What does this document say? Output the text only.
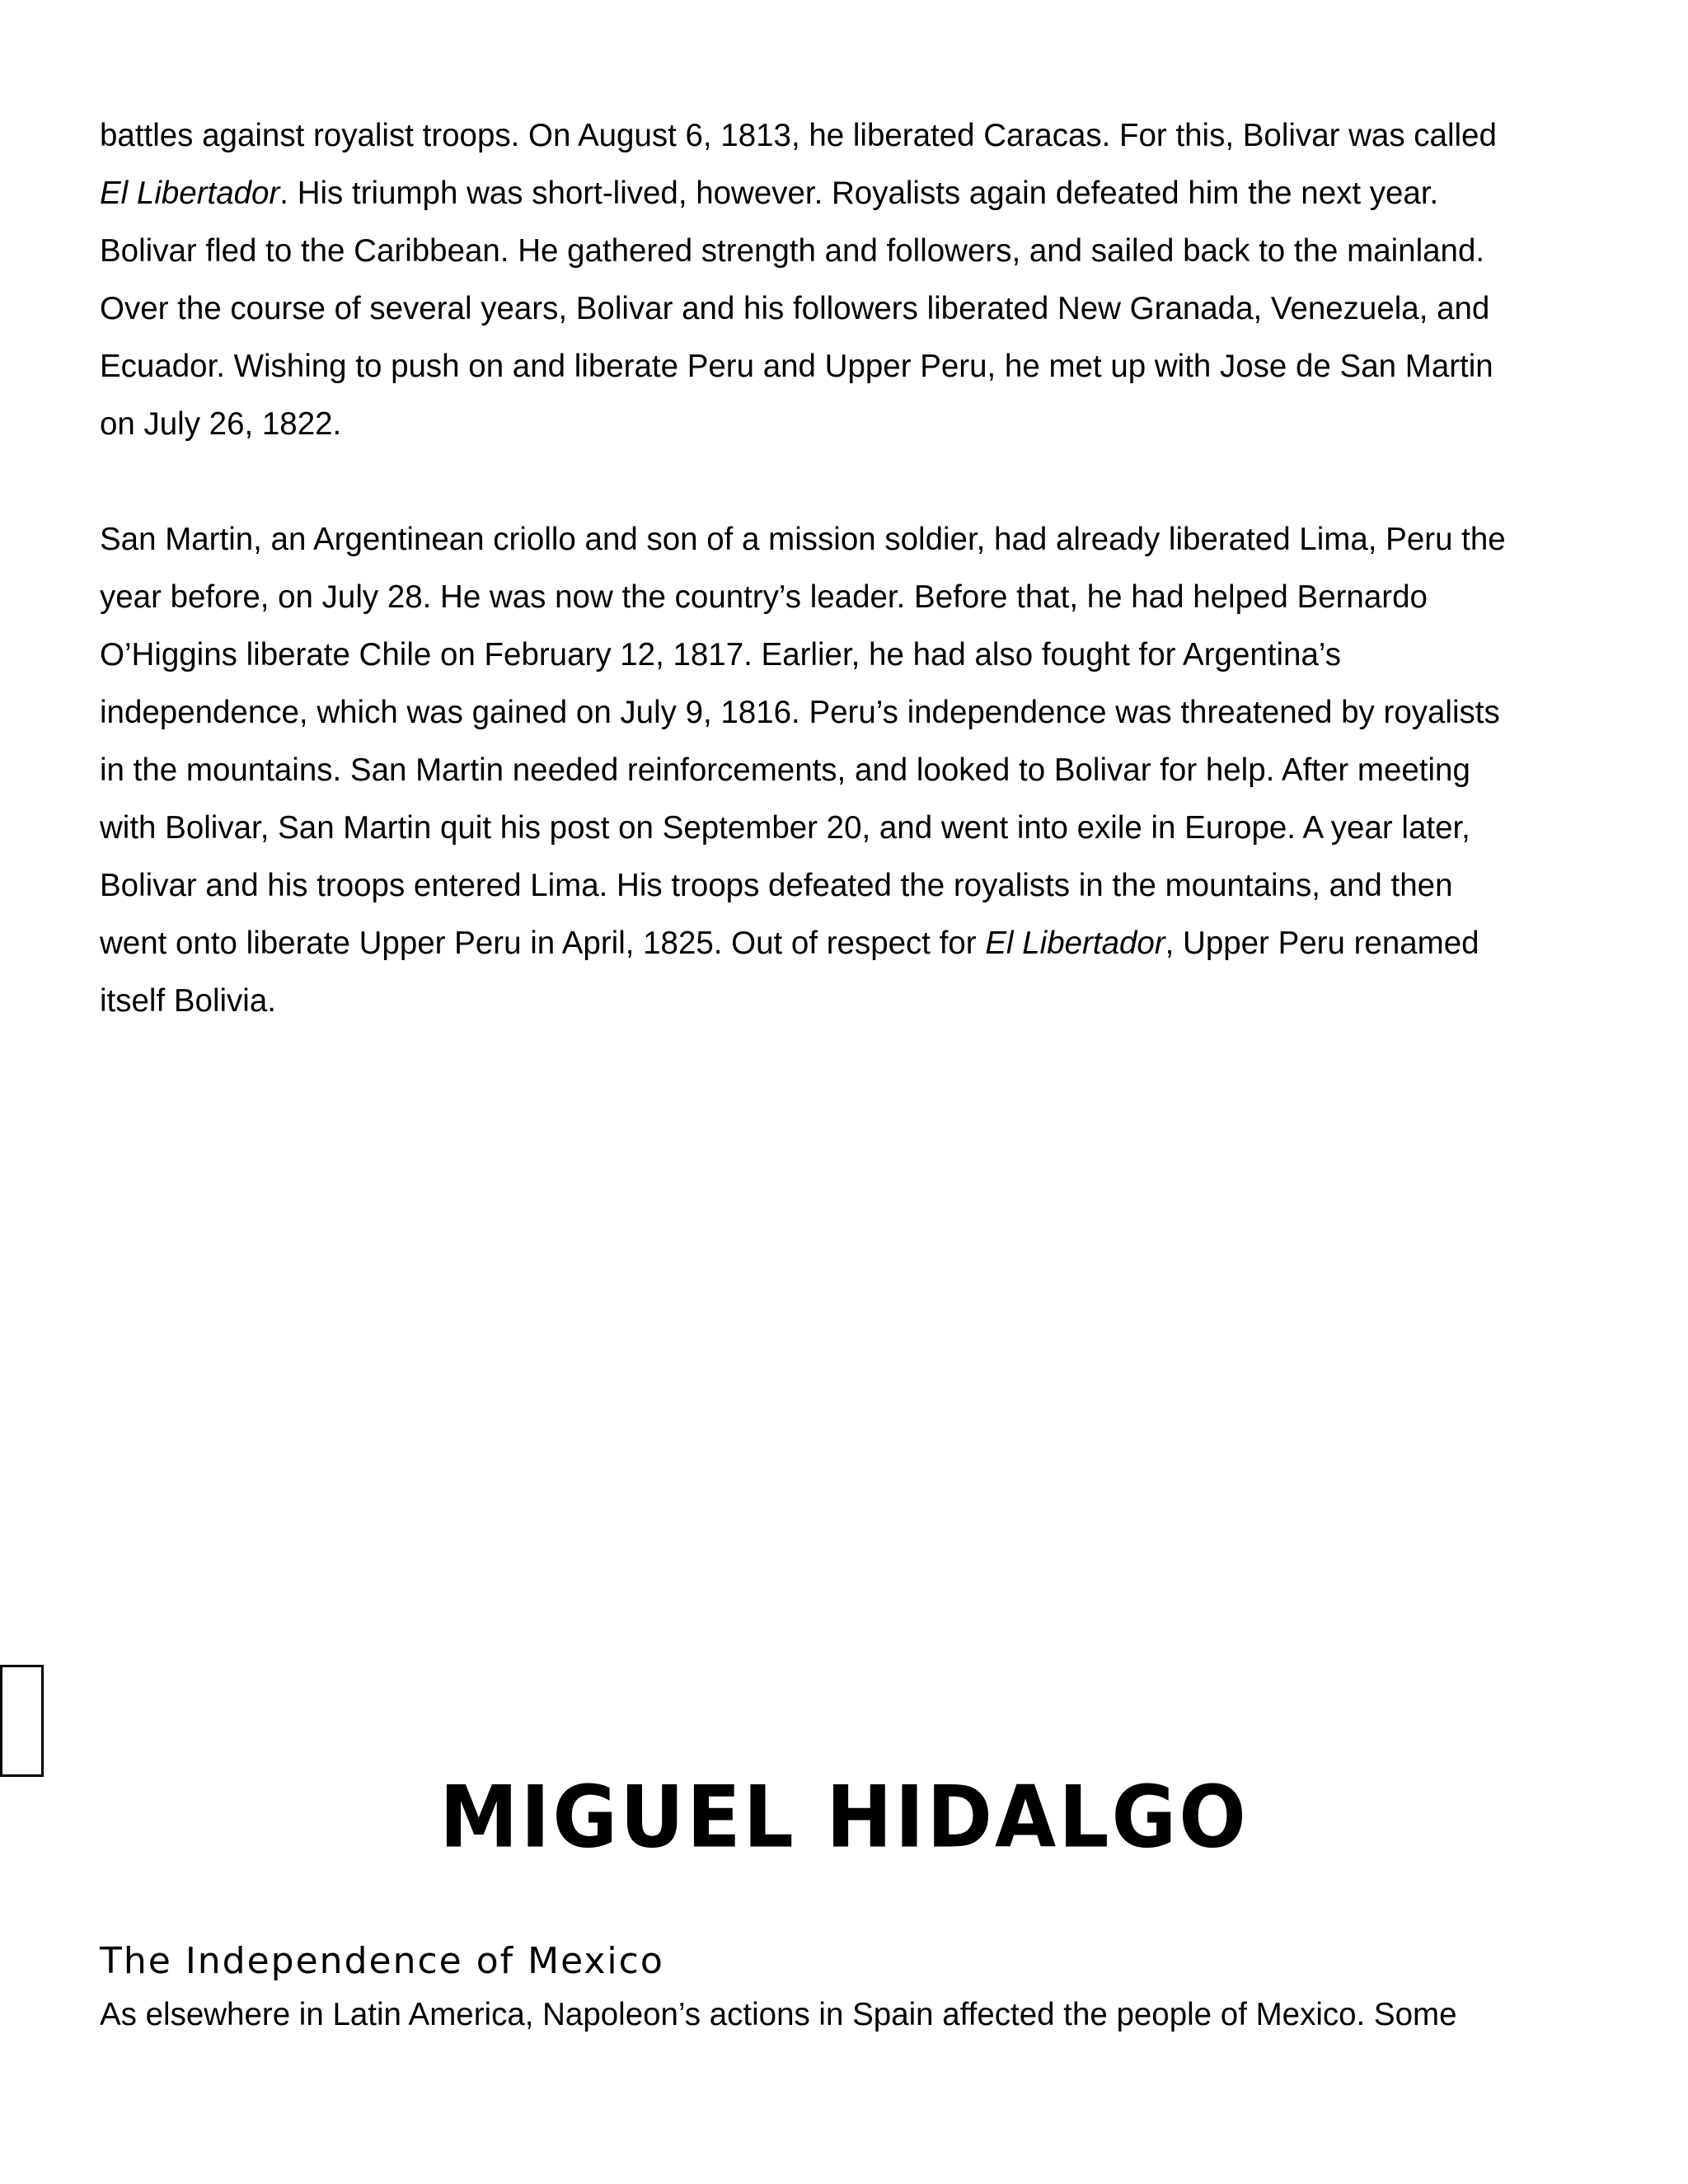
battles against royalist troops. On August 6, 1813, he liberated Caracas. For this, Bolivar was called
El Libertador. His triumph was short-lived, however. Royalists again defeated him the next year.
Bolivar fled to the Caribbean. He gathered strength and followers, and sailed back to the mainland.
Over the course of several years, Bolivar and his followers liberated New Granada, Venezuela, and
Ecuador. Wishing to push on and liberate Peru and Upper Peru, he met up with Jose de San Martin
on July 26, 1822.
San Martin, an Argentinean criollo and son of a mission soldier, had already liberated Lima, Peru the
year before, on July 28. He was now the country’s leader. Before that, he had helped Bernardo
O’Higgins liberate Chile on February 12, 1817. Earlier, he had also fought for Argentina’s
independence, which was gained on July 9, 1816. Peru’s independence was threatened by royalists
in the mountains. San Martin needed reinforcements, and looked to Bolivar for help. After meeting
with Bolivar, San Martin quit his post on September 20, and went into exile in Europe. A year later,
Bolivar and his troops entered Lima. His troops defeated the royalists in the mountains, and then
went onto liberate Upper Peru in April, 1825. Out of respect for El Libertador, Upper Peru renamed
itself Bolivia.
MIGUEL HIDALGO
The Independence of Mexico
As elsewhere in Latin America, Napoleon’s actions in Spain affected the people of Mexico. Some
